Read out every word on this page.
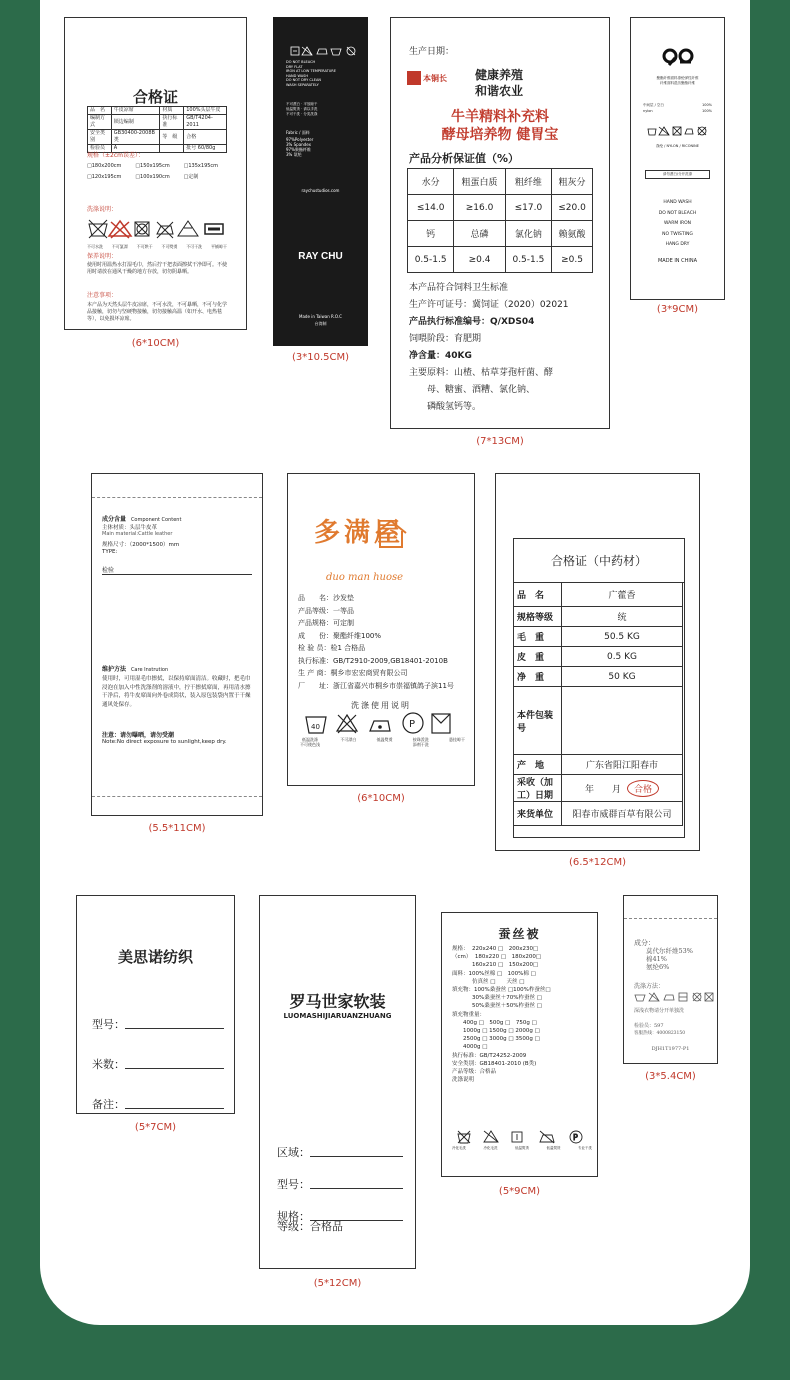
合格证
品　名	牛皮凉席	材质	100%头层牛皮
编制方式	锁边编制	执行标准	GB/T4204-2011
安全类别	GB30400-2008B类	等　级	合格
检验员	A		批号 60/80g
规格（±2cm误差）：
□180x200cm	□150x195cm	□135x195cm
□120x195cm	□100x190cm	□定制
洗涤说明：
不可水洗 不可氯漂 不可烘干 不可熨烫 不可干洗 平铺晾干
保养说明：
使用时用温热水打湿毛巾，然后拧干把表面擦拭干净即可。不使用时请放在通风干燥的地方存放，切勿阴暴晒。
注意事项：
本产品为天然头层牛皮凉席，不可水洗，不可暴晒，不可与化学品接触，切勿与坚硬物接触，切勿接触高温（如开水、电热毯等），以免损坏凉席。
(6*10CM)
DO NOT BLEACH
DRY FLAT
IRON AT LOW TEMPERATURE
HAND WASH
DO NOT DRY CLEAN
WASH SEPARATELY
不可漂白 · 平放晾干
低温熨烫 · 请以手洗
不可干洗 · 分类洗涤
Fabric / 面料
97%Polyester
3% Spandex
97%聚酯纤维
3% 氨纶
raychustudios.com
RAY CHU
Made in Taiwan R.O.C
台湾制
(3*10.5CM)
生产日期：
本铜长 健康养殖
和谐农业
牛羊精料补充料
酵母培养物 健胃宝
产品分析保证值（%）
水分	粗蛋白质	粗纤维	粗灰分
≤14.0	≥16.0	≤17.0	≤20.0
钙	总磷	氯化钠	赖氨酸
0.5-1.5	≥0.4	0.5-1.5	≥0.5
本产品符合饲料卫生标准
生产许可证号：冀饲证（2020）02021
产品执行标准编号：Q/XDS04
饲喂阶段：育肥期
净含量：40KG
主要原料：山楂、枯草芽孢杆菌、酵
　　母、糖蜜、酒糟、氯化钠、
　　磷酸氢钙等。
(7*13CM)
聚酯纤维面料涤纶弹性纤维
纤维面料混纺聚酯纤维
中间层 / 空白	100%
nylon	100%
涤纶 / NYLON / RICONINE
请勿漂白/分开洗涤
HAND WASH
DO NOT BLEACH
WARM IRON
NO TWISTING
HANG DRY
MADE IN CHINA
(3*9CM)
成分含量 Component Content
主体材质：头层牛皮革
Main material:Cattle leather
规格尺寸：（2000*1500）mm
TYPE:
检验
维护方法 Care Instrution
使用时，可用湿毛巾擦拭，以保持席面清洁。收藏时，把毛巾浸泡在加入中性洗涤剂的溶液中，拧干擦拭席面，再用清水擦干净后，将牛皮席面向外卷成筒状，装入原包装袋内置于干燥通风处保存。
注意：请勿曝晒，请勿受潮
Note:No direct exposure to sunlight,keep dry.
(5.5*11CM)
多满屋
duo man huose
品　　名：沙发垫
产品等级：一等品
产品规格：可定制
成　　份：聚酯纤维100%
检 验 员：检1 合格品
执行标准：GB/T2910-2009,GB18401-2010B
生 产 商：桐乡市宏宏商贸有限公司
厂　　址：浙江省嘉兴市桐乡市崇福镇鸽子滨11号
洗涤使用说明
40	P
低温洗涤
不可使色浅
不可漂白	低温熨烫	按珠泼洗
添剂干洗
悬挂晾干
(6*10CM)
合格证（中药材）
品　名	广藿香
规格等级	统
毛　重	50.5 KG
皮　重	0.5 KG
净　重	50 KG
本件包装号	
产　地	广东省阳江阳春市
采收（加工）日期	年　　月 合格
来货单位	阳春市威群百草有限公司
(6.5*12CM)
美思诺纺织
型号：
米数：
备注：
(5*7CM)
罗马世家软装
LUOMASHIJIARUANZHUANG
区域：
型号：
规格：
等级：合格品
(5*12CM)
蚕丝被
规格：  220x240 □　200x230□
（cm）  180x220 □　180x200□
　　　  160x210 □　150x200□
面料：100%丝棉 □　100%棉 □
　　　  仿真丝 □　　天丝 □
填充物：100%桑蚕丝 □100%柞蚕丝□
　　　  30%桑蚕丝＋70%柞蚕丝 □
　　　  50%桑蚕丝＋50%柞蚕丝 □
填充物重量：
　　400g □　500g □　750g □
　　1000g □ 1500g □ 2000g □
　　2500g □ 3000g □ 3500g □
　　4000g □
执行标准：GB/T24252-2009
安全类别：GB18401-2010 (B类)
产品等级：合格品
洗涤说明
P
冷化毛洗	冷化毛洗	低温熨烫	低温熨烫	专业干洗
(5*9CM)
成分：
莫代尔纤维53%
棉41%
氨纶6%
洗涤方法：
深浅衣物请分开单独洗
检验员：597
客服热线：4000823150
DJH1T1977-P1
(3*5.4CM)
